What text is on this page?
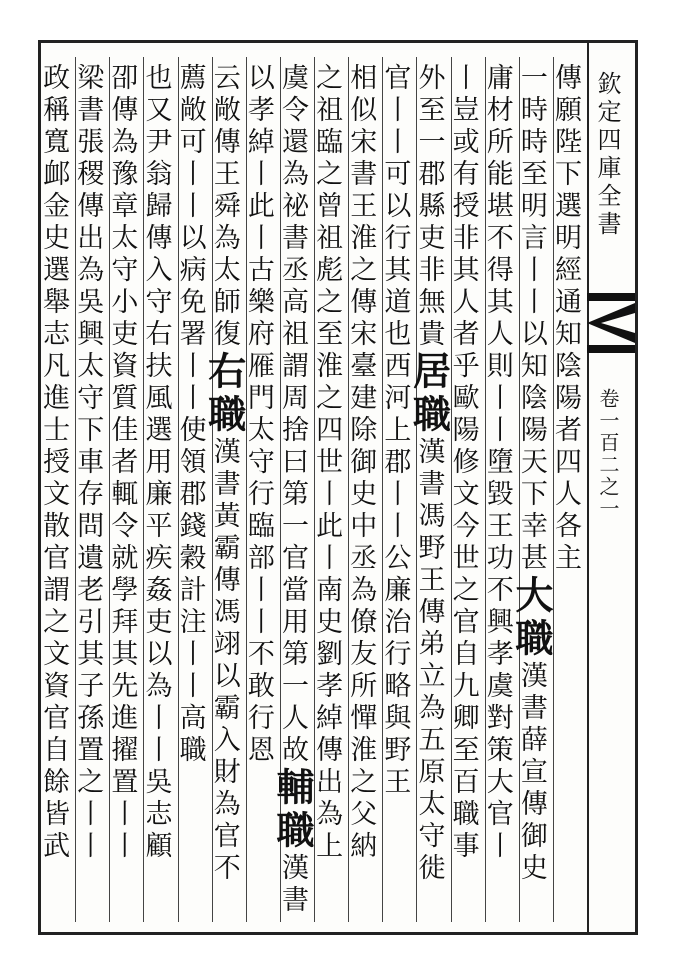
欽定四庫全書
卷一百二之一
傳願陛下選明經通知陰陽者四人各主
一時時至明言丨丨以知陰陽天下幸甚大職漢書薛宣傳御史
庸材所能堪不得其人則丨丨墮毀王功不興孝虞對策大官丨
丨豈或有授非其人者乎歐陽修文今世之官自九卿至百職事
外至一郡縣吏非無貴居職漢書馮野王傳弟立為五原太守徙
官丨丨可以行其道也西河上郡丨丨公廉治行略與野王
相似宋書王淮之傳宋臺建除御史中丞為僚友所憚淮之父納
之祖臨之曾祖彪之至淮之四世丨此丨南史劉孝綽傳出為上
虞令還為祕書丞高祖謂周捨曰第一官當用第一人故輔職漢書
以孝綽丨此丨古樂府雁門太守行臨部丨丨不敢行恩
云敞傳王舜為太師復右職漢書黃霸傳馮翊以霸入財為官不
薦敞可丨丨以病免署丨丨使領郡錢穀計注丨丨高職
也又尹翁歸傳入守右扶風選用廉平疾姦吏以為丨丨吳志顧
卲傳為豫章太守小吏資質佳者輒令就學拜其先進擢置丨丨
梁書張稷傳出為吳興太守下車存問遺老引其子孫置之丨丨
政稱寬䘏金史選舉志凡進士授文散官謂之文資官自餘皆武
